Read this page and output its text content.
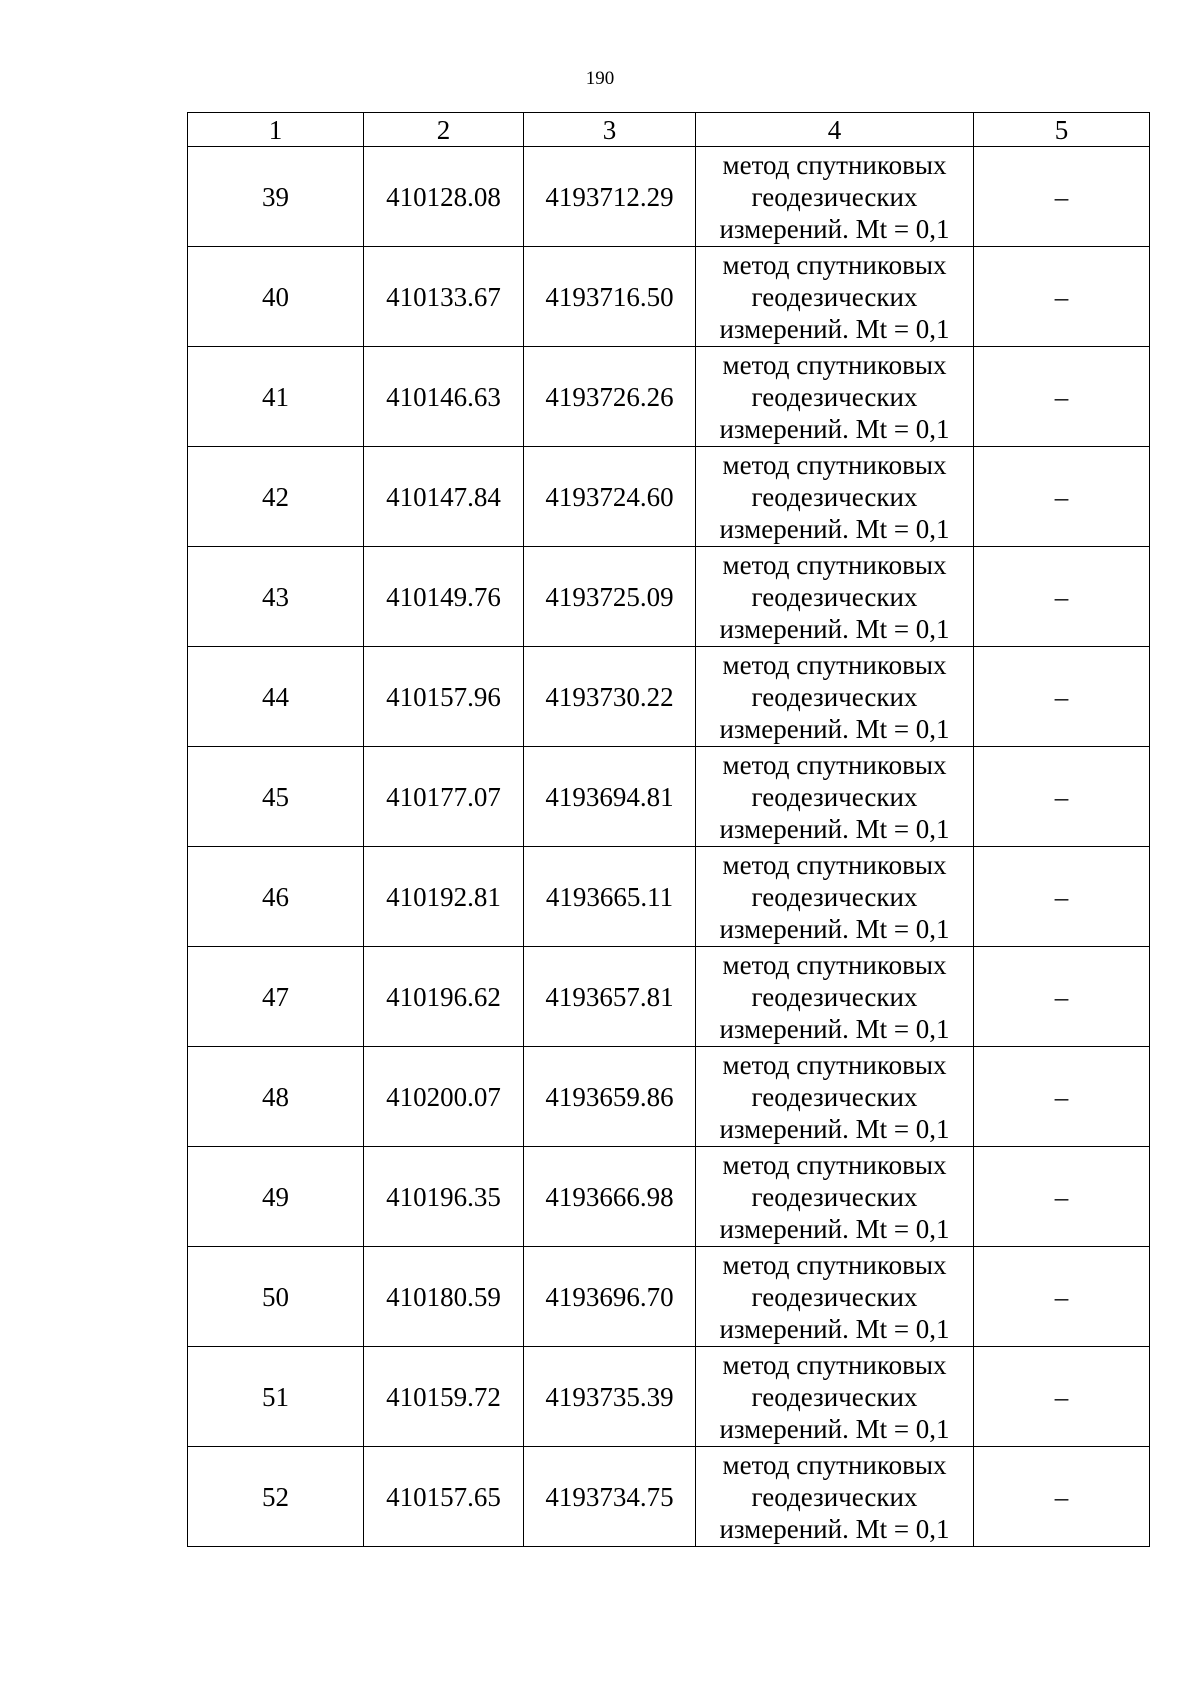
190
1	2	3	4	5
39	410128.08	4193712.29	метод спутниковых
геодезических
измерений. Mt = 0,1	–
40	410133.67	4193716.50	метод спутниковых
геодезических
измерений. Mt = 0,1	–
41	410146.63	4193726.26	метод спутниковых
геодезических
измерений. Mt = 0,1	–
42	410147.84	4193724.60	метод спутниковых
геодезических
измерений. Mt = 0,1	–
43	410149.76	4193725.09	метод спутниковых
геодезических
измерений. Mt = 0,1	–
44	410157.96	4193730.22	метод спутниковых
геодезических
измерений. Mt = 0,1	–
45	410177.07	4193694.81	метод спутниковых
геодезических
измерений. Mt = 0,1	–
46	410192.81	4193665.11	метод спутниковых
геодезических
измерений. Mt = 0,1	–
47	410196.62	4193657.81	метод спутниковых
геодезических
измерений. Mt = 0,1	–
48	410200.07	4193659.86	метод спутниковых
геодезических
измерений. Mt = 0,1	–
49	410196.35	4193666.98	метод спутниковых
геодезических
измерений. Mt = 0,1	–
50	410180.59	4193696.70	метод спутниковых
геодезических
измерений. Mt = 0,1	–
51	410159.72	4193735.39	метод спутниковых
геодезических
измерений. Mt = 0,1	–
52	410157.65	4193734.75	метод спутниковых
геодезических
измерений. Mt = 0,1	–
